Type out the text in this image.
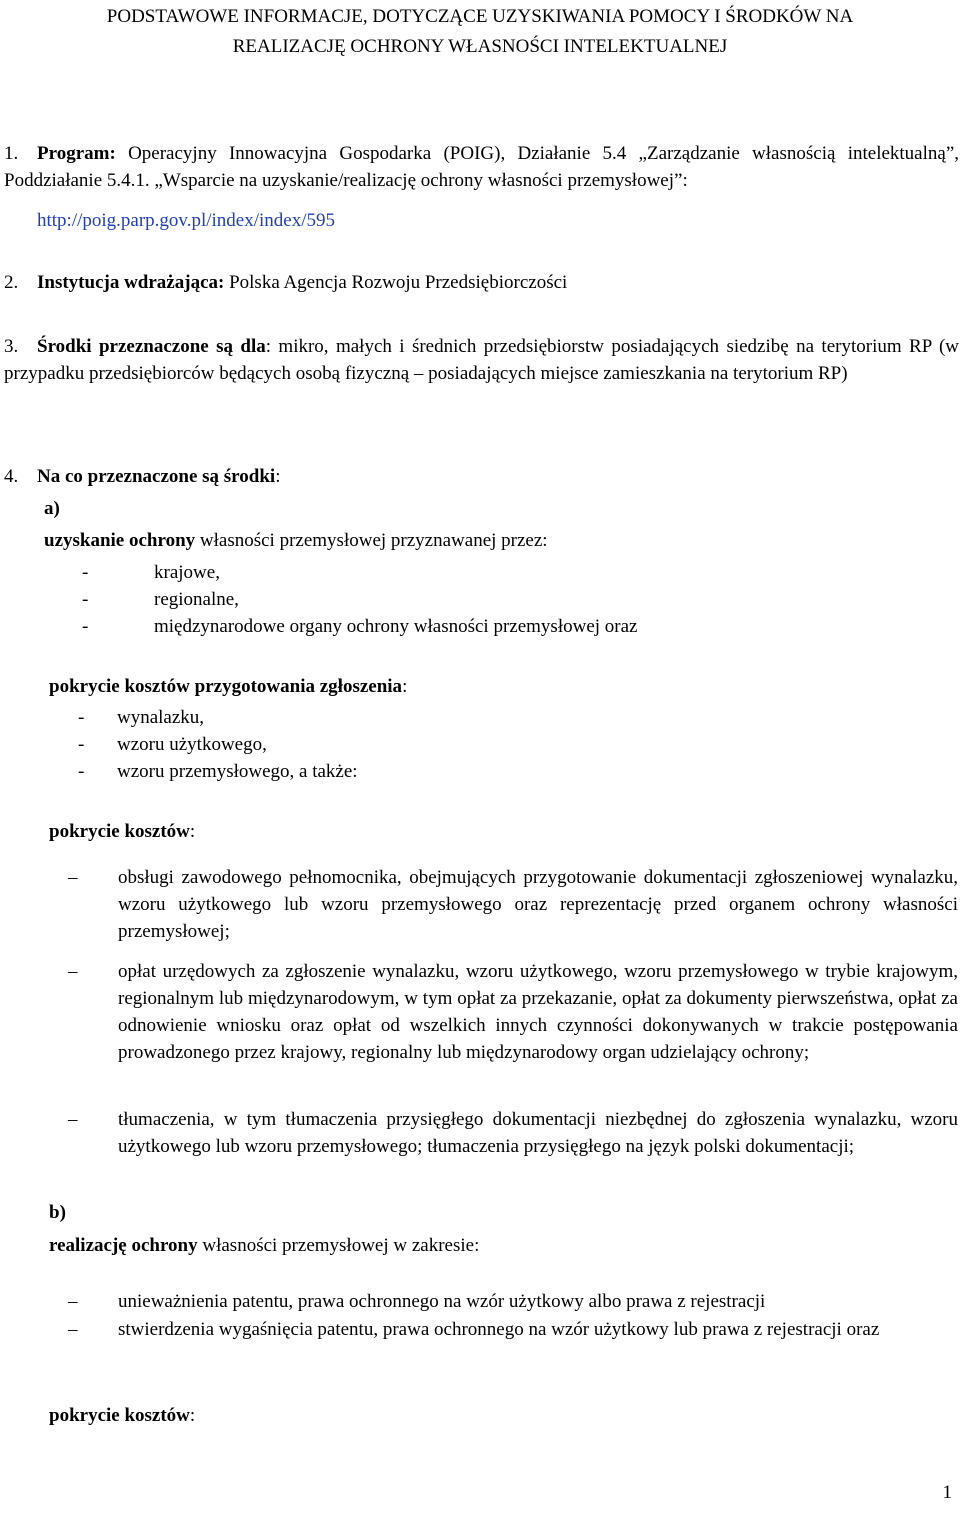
PODSTAWOWE INFORMACJE, DOTYCZĄCE UZYSKIWANIA POMOCY I ŚRODKÓW NA
REALIZACJĘ OCHRONY WŁASNOŚCI INTELEKTUALNEJ
1. Program: Operacyjny Innowacyjna Gospodarka (POIG), Działanie 5.4 „Zarządzanie własnością intelektualną”, Poddziałanie 5.4.1. „Wsparcie na uzyskanie/realizację ochrony własności przemysłowej”:
http://poig.parp.gov.pl/index/index/595
2. Instytucja wdrażająca: Polska Agencja Rozwoju Przedsiębiorczości
3. Środki przeznaczone są dla: mikro, małych i średnich przedsiębiorstw posiadających siedzibę na terytorium RP (w przypadku przedsiębiorców będących osobą fizyczną – posiadających miejsce zamieszkania na terytorium RP)
4. Na co przeznaczone są środki:
a)
uzyskanie ochrony własności przemysłowej przyznawanej przez:
-	krajowe,
-	regionalne,
-	międzynarodowe organy ochrony własności przemysłowej oraz
pokrycie kosztów przygotowania zgłoszenia:
- wynalazku,
- wzoru użytkowego,
- wzoru przemysłowego, a także:
pokrycie kosztów:
– obsługi zawodowego pełnomocnika, obejmujących przygotowanie dokumentacji zgłoszeniowej wynalazku, wzoru użytkowego lub wzoru przemysłowego oraz reprezentację przed organem ochrony własności przemysłowej;
– opłat urzędowych za zgłoszenie wynalazku, wzoru użytkowego, wzoru przemysłowego w trybie krajowym, regionalnym lub międzynarodowym, w tym opłat za przekazanie, opłat za dokumenty pierwszeństwa, opłat za odnowienie wniosku oraz opłat od wszelkich innych czynności dokonywanych w trakcie postępowania prowadzonego przez krajowy, regionalny lub międzynarodowy organ udzielający ochrony;
– tłumaczenia, w tym tłumaczenia przysięgłego dokumentacji niezbędnej do zgłoszenia wynalazku, wzoru użytkowego lub wzoru przemysłowego; tłumaczenia przysięgłego na język polski dokumentacji;
b)
realizację ochrony własności przemysłowej w zakresie:
– unieważnienia patentu, prawa ochronnego na wzór użytkowy albo prawa z rejestracji
– stwierdzenia wygaśnięcia patentu, prawa ochronnego na wzór użytkowy lub prawa z rejestracji oraz
pokrycie kosztów:
1
